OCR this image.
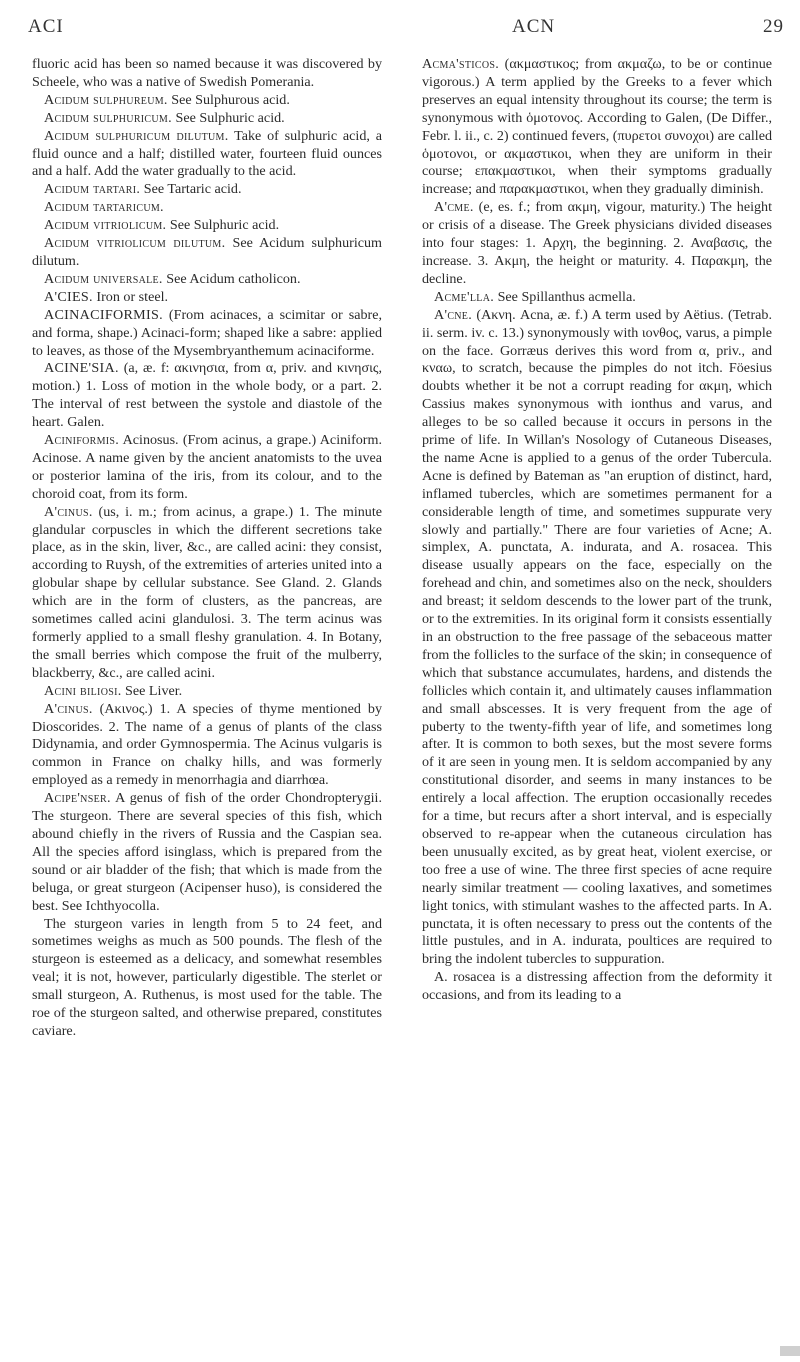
ACI	ACN	29

fluoric acid has been so named because it was discovered by Scheele, who was a native of Swedish Pomerania.

Acidum sulphureum. See Sulphurous acid.

Acidum sulphuricum. See Sulphuric acid.

Acidum sulphuricum dilutum. Take of sulphuric acid, a fluid ounce and a half; distilled water, fourteen fluid ounces and a half. Add the water gradually to the acid.

Acidum tartari. See Tartaric acid.

Acidum tartaricum.

Acidum vitriolicum. See Sulphuric acid.

Acidum vitriolicum dilutum. See Acidum sulphuricum dilutum.

Acidum universale. See Acidum catholicon.

A'CIES. Iron or steel.

ACINACIFORMIS. (From acinaces, a scimitar or sabre, and forma, shape.) Acinaci-form; shaped like a sabre: applied to leaves, as those of the Mysembryanthemum acinaciforme.

ACINE'SIA. (a, æ. f: ακινησια, from α, priv. and κινησις, motion.) 1. Loss of motion in the whole body, or a part. 2. The interval of rest between the systole and diastole of the heart. Galen.

Aciniformis. Acinosus. (From acinus, a grape.) Aciniform. Acinose. A name given by the ancient anatomists to the uvea or posterior lamina of the iris, from its colour, and to the choroid coat, from its form.

A'cinus. (us, i. m.; from acinus, a grape.) 1. The minute glandular corpuscles in which the different secretions take place, as in the skin, liver, &c., are called acini: they consist, according to Ruysh, of the extremities of arteries united into a globular shape by cellular substance. See Gland. 2. Glands which are in the form of clusters, as the pancreas, are sometimes called acini glandulosi. 3. The term acinus was formerly applied to a small fleshy granulation. 4. In Botany, the small berries which compose the fruit of the mulberry, blackberry, &c., are called acini.

Acini biliosi. See Liver.

A'cinus. (Ακινος.) 1. A species of thyme mentioned by Dioscorides. 2. The name of a genus of plants of the class Didynamia, and order Gymnospermia. The Acinus vulgaris is common in France on chalky hills, and was formerly employed as a remedy in menorrhagia and diarrhœa.

Acipe'nser. A genus of fish of the order Chondropterygii. The sturgeon. There are several species of this fish, which abound chiefly in the rivers of Russia and the Caspian sea. All the species afford isinglass, which is prepared from the sound or air bladder of the fish; that which is made from the beluga, or great sturgeon (Acipenser huso), is considered the best. See Ichthyocolla.

The sturgeon varies in length from 5 to 24 feet, and sometimes weighs as much as 500 pounds. The flesh of the sturgeon is esteemed as a delicacy, and somewhat resembles veal; it is not, however, particularly digestible. The sterlet or small sturgeon, A. Ruthenus, is most used for the table. The roe of the sturgeon salted, and otherwise prepared, constitutes caviare.

Acma'sticos. (ακμαστικος; from ακμαζω, to be or continue vigorous.) A term applied by the Greeks to a fever which preserves an equal intensity throughout its course; the term is synonymous with ὁμοτονος. According to Galen, (De Differ., Febr. l. ii., c. 2) continued fevers, (πυρετοι συνοχοι) are called ὁμοτονοι, or ακμαστικοι, when they are uniform in their course; επακμαστικοι, when their symptoms gradually increase; and παρακμαστικοι, when they gradually diminish.

A'cme. (e, es. f.; from ακμη, vigour, maturity.) The height or crisis of a disease. The Greek physicians divided diseases into four stages: 1. Αρχη, the beginning. 2. Αναβασις, the increase. 3. Ακμη, the height or maturity. 4. Παρακμη, the decline.

Acme'lla. See Spillanthus acmella.

A'cne. (Ακνη. Acna, æ. f.) A term used by Aëtius. (Tetrab. ii. serm. iv. c. 13.) synonymously with ιονθος, varus, a pimple on the face. Gorræus derives this word from α, priv., and κναω, to scratch, because the pimples do not itch. Föesius doubts whether it be not a corrupt reading for ακμη, which Cassius makes synonymous with ionthus and varus, and alleges to be so called because it occurs in persons in the prime of life. In Willan's Nosology of Cutaneous Diseases, the name Acne is applied to a genus of the order Tubercula. Acne is defined by Bateman as "an eruption of distinct, hard, inflamed tubercles, which are sometimes permanent for a considerable length of time, and sometimes suppurate very slowly and partially." There are four varieties of Acne; A. simplex, A. punctata, A. indurata, and A. rosacea. This disease usually appears on the face, especially on the forehead and chin, and sometimes also on the neck, shoulders and breast; it seldom descends to the lower part of the trunk, or to the extremities. In its original form it consists essentially in an obstruction to the free passage of the sebaceous matter from the follicles to the surface of the skin; in consequence of which that substance accumulates, hardens, and distends the follicles which contain it, and ultimately causes inflammation and small abscesses. It is very frequent from the age of puberty to the twenty-fifth year of life, and sometimes long after. It is common to both sexes, but the most severe forms of it are seen in young men. It is seldom accompanied by any constitutional disorder, and seems in many instances to be entirely a local affection. The eruption occasionally recedes for a time, but recurs after a short interval, and is especially observed to re-appear when the cutaneous circulation has been unusually excited, as by great heat, violent exercise, or too free a use of wine. The three first species of acne require nearly similar treatment — cooling laxatives, and sometimes light tonics, with stimulant washes to the affected parts. In A. punctata, it is often necessary to press out the contents of the little pustules, and in A. indurata, poultices are required to bring the indolent tubercles to suppuration.

A. rosacea is a distressing affection from the deformity it occasions, and from its leading to a
